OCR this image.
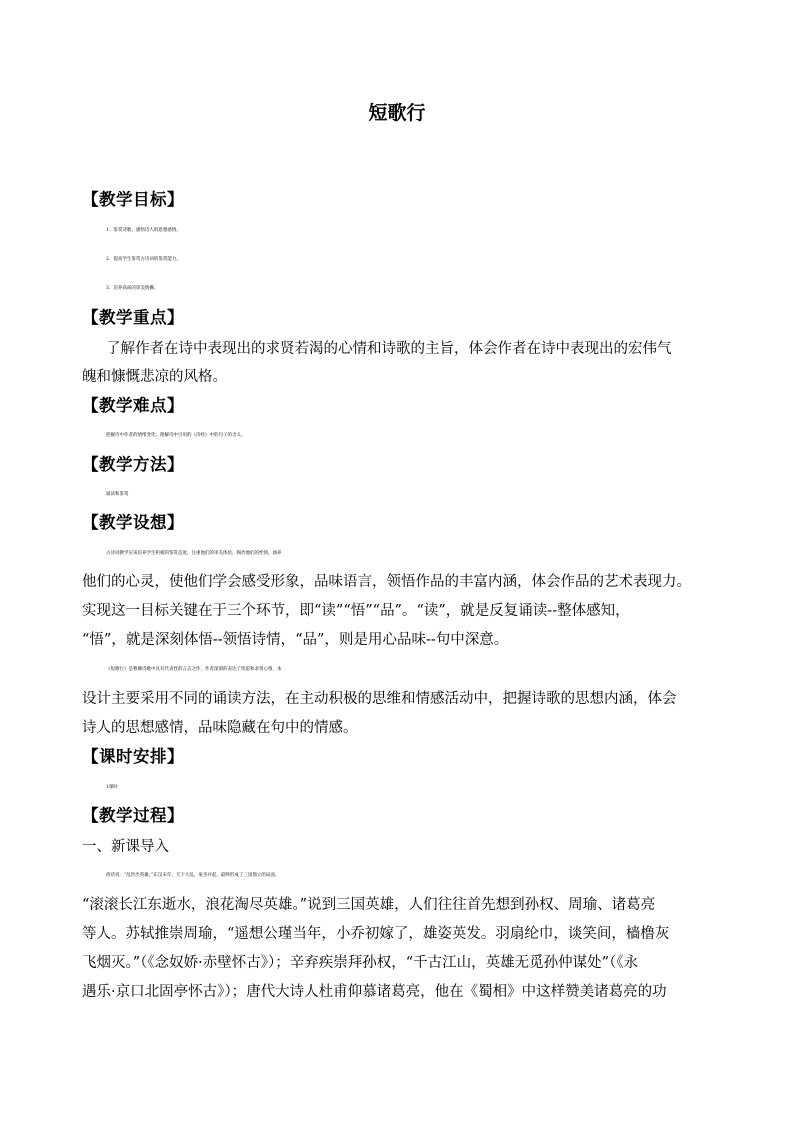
短歌行
【教学目标】
1．鉴赏诗歌，感悟诗人的思想感情。
2．提高学生鉴赏古诗词的鉴赏能力。
3．培养高尚的审美情操。
【教学重点】
了解作者在诗中表现出的求贤若渴的心情和诗歌的主旨，体会作者在诗中表现出的宏伟气
魄和慷慨悲凉的风格。
【教学难点】
把握诗中作者的情绪变化；理解诗中引用的《诗经》中的句子的含义。
【教学方法】
诵读和鉴赏
【教学设想】
古诗词教学应该培养学生积极的鉴赏态度，注重他们的审美体验，陶冶他们的性情，涵养
他们的心灵，使他们学会感受形象，品味语言，领悟作品的丰富内涵，体会作品的艺术表现力。
实现这一目标关键在于三个环节，即“读”“悟”“品”。“读”，就是反复诵读--整体感知，
“悟”，就是深刻体悟--领悟诗情，“品”，则是用心品味--句中深意。
《短歌行》是曹操诗歌中具有代表性的言志之作，作者深刻的表达了忧思和求贤心情，本
设计主要采用不同的诵读方法，在主动积极的思维和情感活动中，把握诗歌的思想内涵，体会
诗人的思想感情，品味隐藏在句中的情感。
【课时安排】
1课时
【教学过程】
一、新课导入
俗话说：“乱世出英雄。”东汉末年，天下大乱，豪杰并起，最终形成了三国鼎立的局面。
“滚滚长江东逝水，浪花淘尽英雄。”说到三国英雄，人们往往首先想到孙权、周瑜、诸葛亮
等人。苏轼推崇周瑜，“遥想公瑾当年，小乔初嫁了，雄姿英发。羽扇纶巾，谈笑间，樯橹灰
飞烟灭。”（《念奴娇·赤壁怀古》）；辛弃疾崇拜孙权，“千古江山，英雄无觅孙仲谋处”（《永
遇乐·京口北固亭怀古》）；唐代大诗人杜甫仰慕诸葛亮，他在《蜀相》中这样赞美诸葛亮的功
